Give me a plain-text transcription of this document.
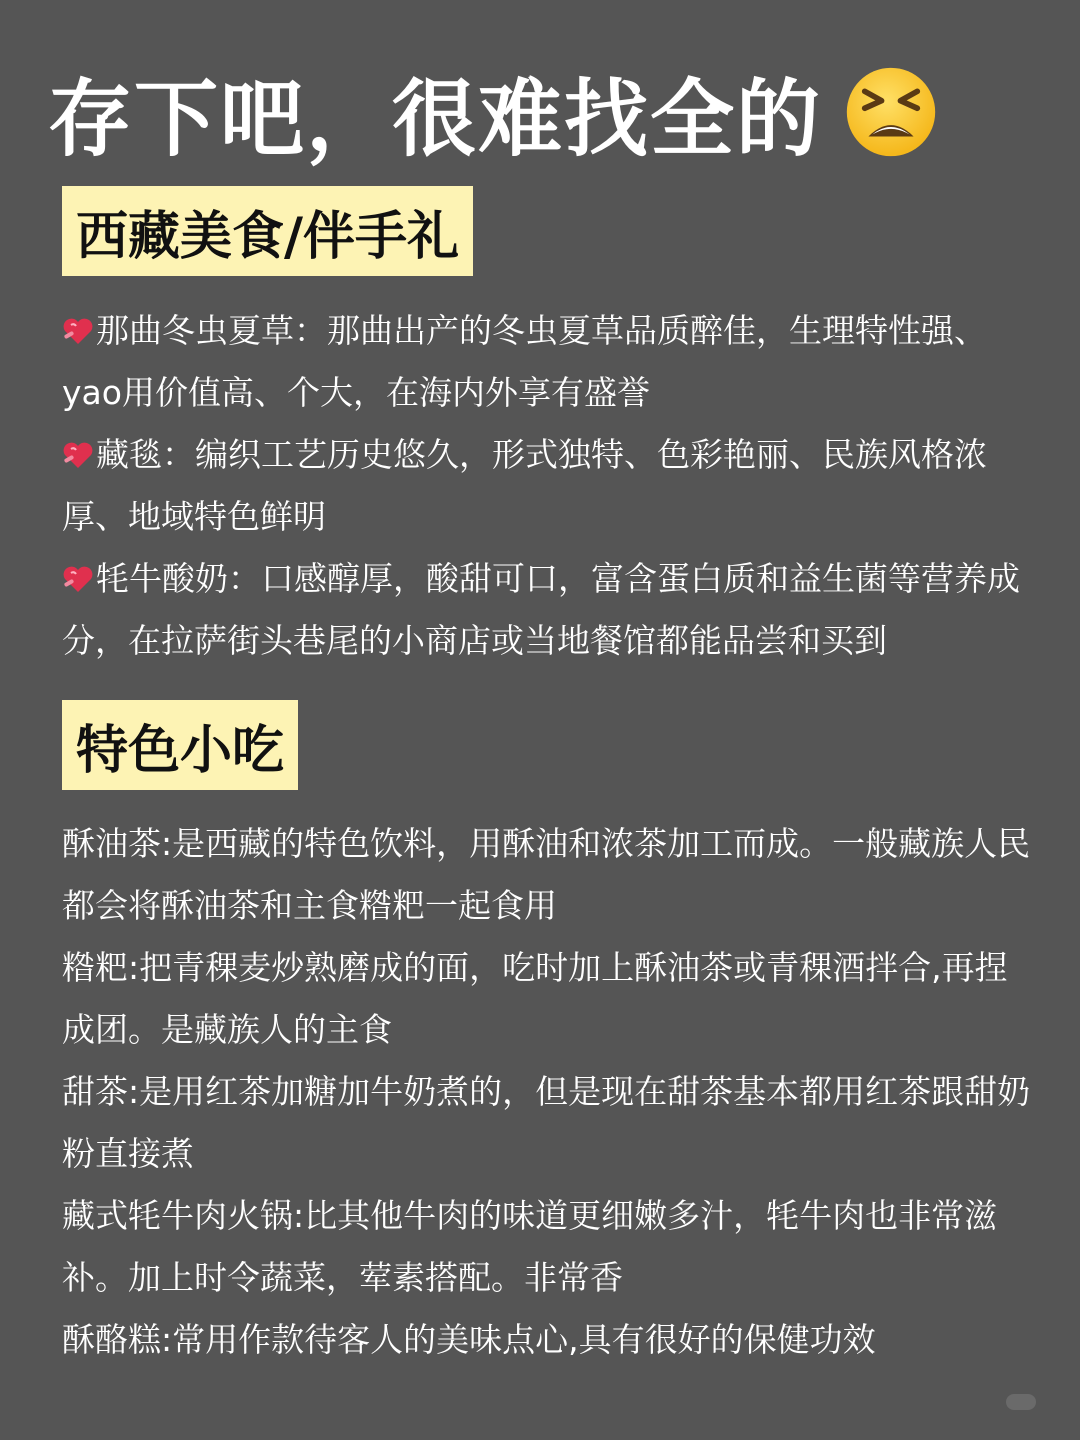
存下吧，很难找全的
西藏美食/伴手礼
那曲冬虫夏草：那曲出产的冬虫夏草品质醉佳，生理特性强、yao用价值高、个大，在海内外享有盛誉
藏毯：编织工艺历史悠久，形式独特、色彩艳丽、民族风格浓厚、地域特色鲜明
牦牛酸奶：口感醇厚，酸甜可口，富含蛋白质和益生菌等营养成分，在拉萨街头巷尾的小商店或当地餐馆都能品尝和买到
特色小吃
酥油茶:是西藏的特色饮料，用酥油和浓茶加工而成。一般藏族人民都会将酥油茶和主食糌粑一起食用
糌粑:把青稞麦炒熟磨成的面，吃时加上酥油茶或青稞酒拌合,再捏成团。是藏族人的主食
甜茶:是用红茶加糖加牛奶煮的，但是现在甜茶基本都用红茶跟甜奶粉直接煮
藏式牦牛肉火锅:比其他牛肉的味道更细嫩多汁，牦牛肉也非常滋补。加上时令蔬菜，荤素搭配。非常香
酥酪糕:常用作款待客人的美味点心,具有很好的保健功效
